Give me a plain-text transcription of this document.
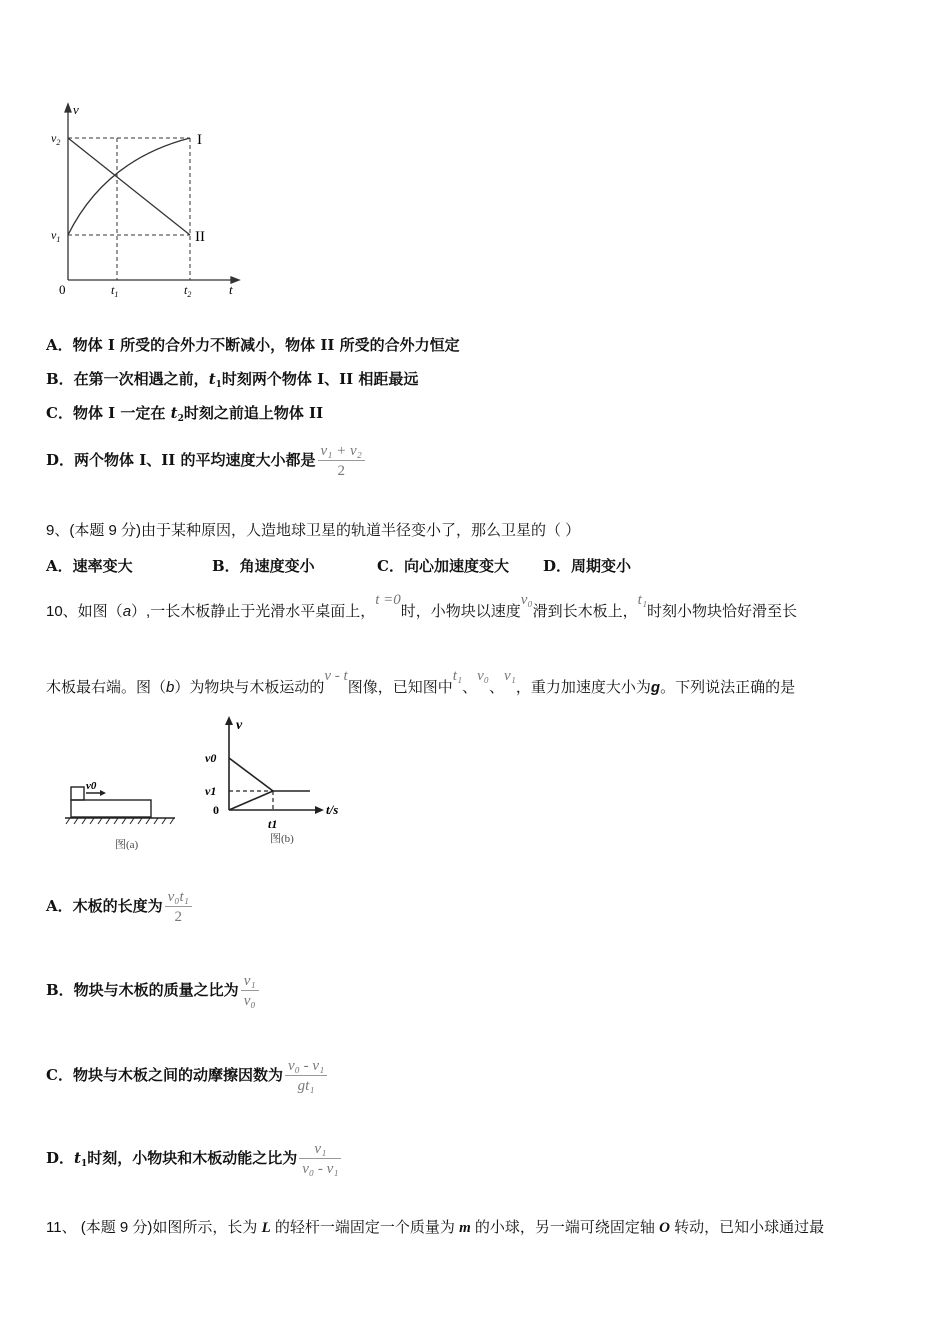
v
$v_2$
$v_1$
0	$t_1$	$t_2$	t
I
II
A．物体 I 所受的合外力不断减小，物体 II 所受的合外力恒定
B．在第一次相遇之前，$t_1$时刻两个物体 I、II 相距最远
C．物体 I 一定在 $t_2$时刻之前追上物体 II
D．两个物体 I、II 的平均速度大小都是 $\frac{\text{v₁ + v₂}}{2}$
9、(本题 9 分)由于某种原因，人造地球卫星的轨道半径变小了，那么卫星的（ ）
A．速率变大	B．角速度变小	C．向心加速度变大 D．周期变小
10、如图（a）,一长木板静止于光滑水平桌面上，t =0时，小物块以速度v₀滑到长木板上，t₁时刻小物块恰好滑至长
木板最右端。图（b）为物块与木板运动的v - t图像，已知图中t₁、v₀、v₁，重力加速度大小为g。下列说法正确的是
v0
图(a)
v
v0
v1
0	t/s
t1
图(b)
A．木板的长度为 $\frac{\text{v₀t₁}}{2}$
B．物块与木板的质量之比为 $\frac{\text{v₁}}{\text{v₀}}$
C．物块与木板之间的动摩擦因数为 $\frac{\text{v₀ - v₁}}{\text{gt₁}}$
D．$t_1$时刻，小物块和木板动能之比为 $\frac{\text{v₁}}{\text{v₀ - v₁}}$
11、 (本题 9 分)如图所示，长为 L 的轻杆一端固定一个质量为 m 的小球，另一端可绕固定轴 O 转动，已知小球通过最
